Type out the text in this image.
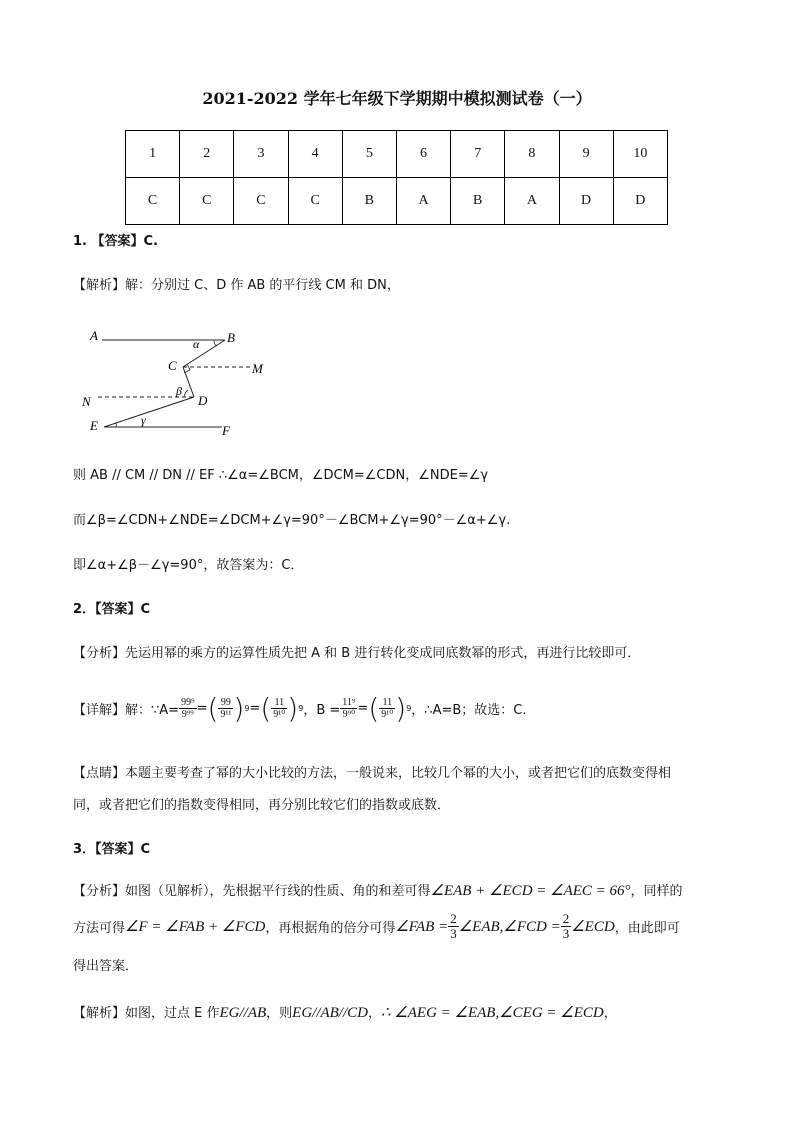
2021-2022 学年七年级下学期期中模拟测试卷（一）
1	2	3	4	5	6	7	8	9	10
C	C	C	C	B	A	B	A	D	D
1. 【答案】C.
【解析】解：分别过 C、D 作 AB 的平行线 CM 和 DN，
A	B
α
C	M
β
N	D
γ
E	F
则 AB // CM // DN // EF ∴∠α=∠BCM，∠DCM=∠CDN，∠NDE=∠γ
而∠β=∠CDN+∠NDE=∠DCM+∠γ=90°－∠BCM+∠γ=90°－∠α+∠γ.
即∠α+∠β－∠γ=90°，故答案为：C．
2．【答案】C
【分析】先运用幂的乘方的运算性质先把 A 和 B 进行转化变成同底数幂的形式，再进行比较即可．
【详解】解：∵A= $\frac{\text{99⁹}}{\text{9⁹⁹}}$ = ( $\frac{99}{\text{9¹¹}}$ ) 9 = ( $\frac{11}{\text{9¹⁰}}$ ) 9 ，$B = \frac{\text{11⁹}}{\text{9⁹⁰}}$ = ( $\frac{11}{\text{9¹⁰}}$ ) 9 ，∴A=B；故选：C.
【点睛】本题主要考查了幂的大小比较的方法，一般说来，比较几个幂的大小，或者把它们的底数变得相
同，或者把它们的指数变得相同，再分别比较它们的指数或底数．
3．【答案】C
【分析】如图（见解析），先根据平行线的性质、角的和差可得∠EAB + ∠ECD = ∠AEC = 66°，同样的
方法可得 ∠F = ∠FAB + ∠FCD ，再根据角的倍分可得 ∠FAB = $\frac{2}{3}$ ∠EAB,∠FCD = $\frac{2}{3}$ ∠ECD ，由此即可
得出答案．
【解析】如图，过点 E 作EG//AB，则EG//AB//CD，∴ ∠AEG = ∠EAB,∠CEG = ∠ECD，
